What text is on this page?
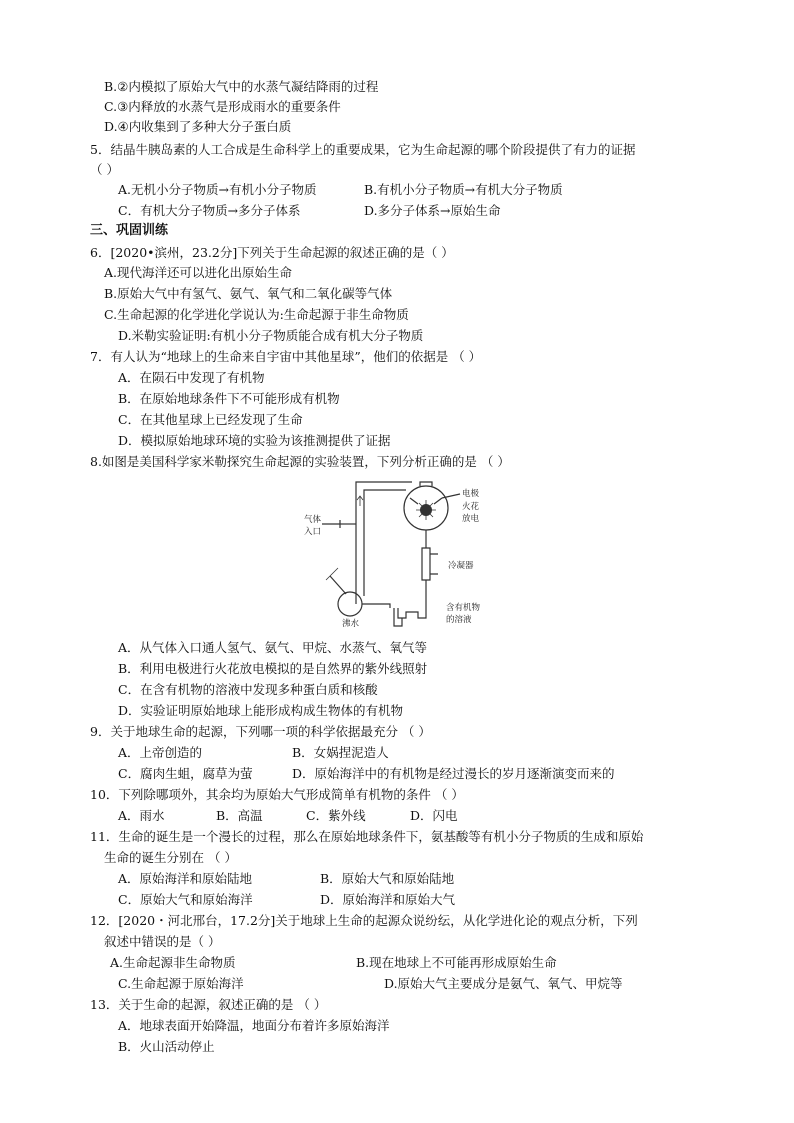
B.②内模拟了原始大气中的水蒸气凝结降雨的过程
C.③内释放的水蒸气是形成雨水的重要条件
D.④内收集到了多种大分子蛋白质
5．结晶牛胰岛素的人工合成是生命科学上的重要成果，它为生命起源的哪个阶段提供了有力的证据
（ ）
A.无机小分子物质→有机小分子物质	B.有机小分子物质→有机大分子物质
C．有机大分子物质→多分子体系	D.多分子体系→原始生命
三、巩固训练
6．[2020•滨州，23.2分]下列关于生命起源的叙述正确的是（ ）
A.现代海洋还可以进化出原始生命
B.原始大气中有氢气、氨气、氧气和二氧化碳等气体
C.生命起源的化学进化学说认为:生命起源于非生命物质
D.米勒实验证明:有机小分子物质能合成有机大分子物质
7．有人认为“地球上的生命来自宇宙中其他星球”，他们的依据是 （ ）
A．在陨石中发现了有机物
B．在原始地球条件下不可能形成有机物
C．在其他星球上已经发现了生命
D．模拟原始地球环境的实验为该推测提供了证据
8.如图是美国科学家米勒探究生命起源的实验装置，下列分析正确的是 （ ）
电极
火花
放电
气体
入口
冷凝器
沸水
含有机物
的溶液
A．从气体入口通人氢气、氨气、甲烷、水蒸气、氧气等
B．利用电极进行火花放电模拟的是自然界的紫外线照射
C．在含有机物的溶液中发现多种蛋白质和核酸
D．实验证明原始地球上能形成构成生物体的有机物
9．关于地球生命的起源，下列哪一项的科学依据最充分 （ ）
A．上帝创造的	B．女娲捏泥造人
C．腐肉生蛆，腐草为萤	D．原始海洋中的有机物是经过漫长的岁月逐渐演变而来的
10．下列除哪项外，其余均为原始大气形成简单有机物的条件 （ ）
A．雨水	B．高温	C．紫外线	D．闪电
11．生命的诞生是一个漫长的过程，那么在原始地球条件下，氨基酸等有机小分子物质的生成和原始
生命的诞生分别在 （ ）
A．原始海洋和原始陆地	B．原始大气和原始陆地
C．原始大气和原始海洋	D．原始海洋和原始大气
12．[2020・河北邢台，17.2分]关于地球上生命的起源众说纷纭，从化学进化论的观点分析，下列
叙述中错误的是（ ）
A.生命起源非生命物质	B.现在地球上不可能再形成原始生命
C.生命起源于原始海洋	D.原始大气主要成分是氨气、氧气、甲烷等
13．关于生命的起源，叙述正确的是 （ ）
A．地球表面开始降温，地面分布着许多原始海洋
B．火山活动停止
